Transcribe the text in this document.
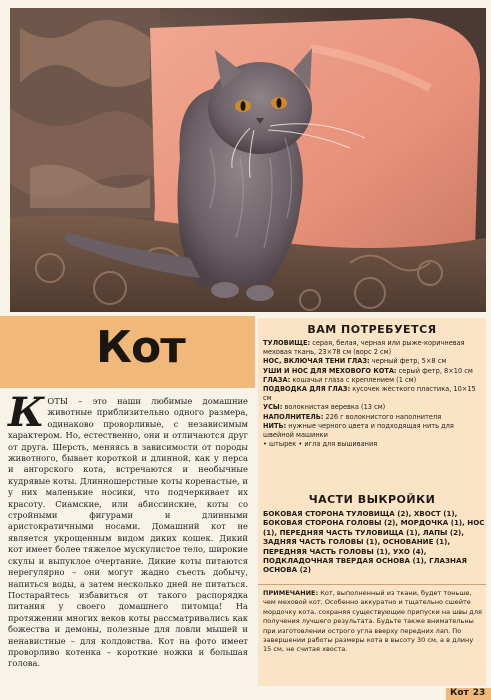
Кот
КОТЫ – это наши любимые домашние животные приблизительно одного размера, одинаково проворливые, с независимым характером. Но, естественно, они и отличаются друг от друга. Шерсть, меняясь в зависимости от породы животного, бывает короткой и длинной, как у перса и ангорского кота, встречаются и необычные кудрявые коты. Длинношерстные коты коренастые, и у них маленькие носики, что подчеркивает их красоту. Сиамские, или абиссинские, коты со стройными фигурами и длинными аристократичными носами. Домашний кот не является укрощенным видом диких кошек. Дикий кот имеет более тяжелое мускулистое тело, широкие скулы и выпуклое очертание. Дикие коты питаются нерегулярно – они могут жадно съесть добычу, напиться воды, а затем несколько дней не питаться. Постарайтесь избавиться от такого распорядка питания у своего домашнего питомца! На протяжении многих веков коты рассматривались как божества и демоны, полезные для ловли мышей и ненавистные – для колдовства. Кот на фото имеет проворливо котенка – короткие ножки и большая голова.
ВАМ ПОТРЕБУЕТСЯ

ТУЛОВИЩЕ: серая, белая, черная или рыже-коричневая меховая ткань, 23×78 см (ворс 2 см)

НОС, ВКЛЮЧАЯ ТЕНИ ГЛАЗ: черный фетр, 5×8 см

УШИ И НОС ДЛЯ МЕХОВОГО КОТА: серый фетр, 8×10 см

ГЛАЗА: кошачьи глаза с креплением (1 см)

ПОДВОДКА ДЛЯ ГЛАЗ: кусочек жесткого пластика, 10×15 см

УСЫ: волокнистая веревка (13 см)

НАПОЛНИТЕЛЬ: 226 г волокнистого наполнителя

НИТЬ: нужные черного цвета и подходящая нить для швейной машинки

• штырек • игла для вышивания

ЧАСТИ ВЫКРОЙКИ
БОКОВАЯ СТОРОНА ТУЛОВИЩА (2), ХВОСТ (1), БОКОВАЯ СТОРОНА ГОЛОВЫ (2), МОРДОЧКА (1), НОС (1), ПЕРЕДНЯЯ ЧАСТЬ ТУЛОВИЩА (1), ЛАПЫ (2), ЗАДНЯЯ ЧАСТЬ ГОЛОВЫ (1), ОСНОВАНИЕ (1), ПЕРЕДНЯЯ ЧАСТЬ ГОЛОВЫ (1), УХО (4), ПОДКЛАДОЧНАЯ ТВЕРДАЯ ОСНОВА (1), ГЛАЗНАЯ ОСНОВА (2)
ПРИМЕЧАНИЕ: Кот, выполненный из ткани, будет тоньше, чем меховой кот. Особенно аккуратно и тщательно сшейте мордочку кота, сохраняя существующие припуски на швы для получения лучшего результата. Будьте также внимательны при изготовлении острого угла вверху передних лап. По завершении работы размеры кота в высоту 30 см, а в длину 15 см, не считая хвоста.
Кот 23
